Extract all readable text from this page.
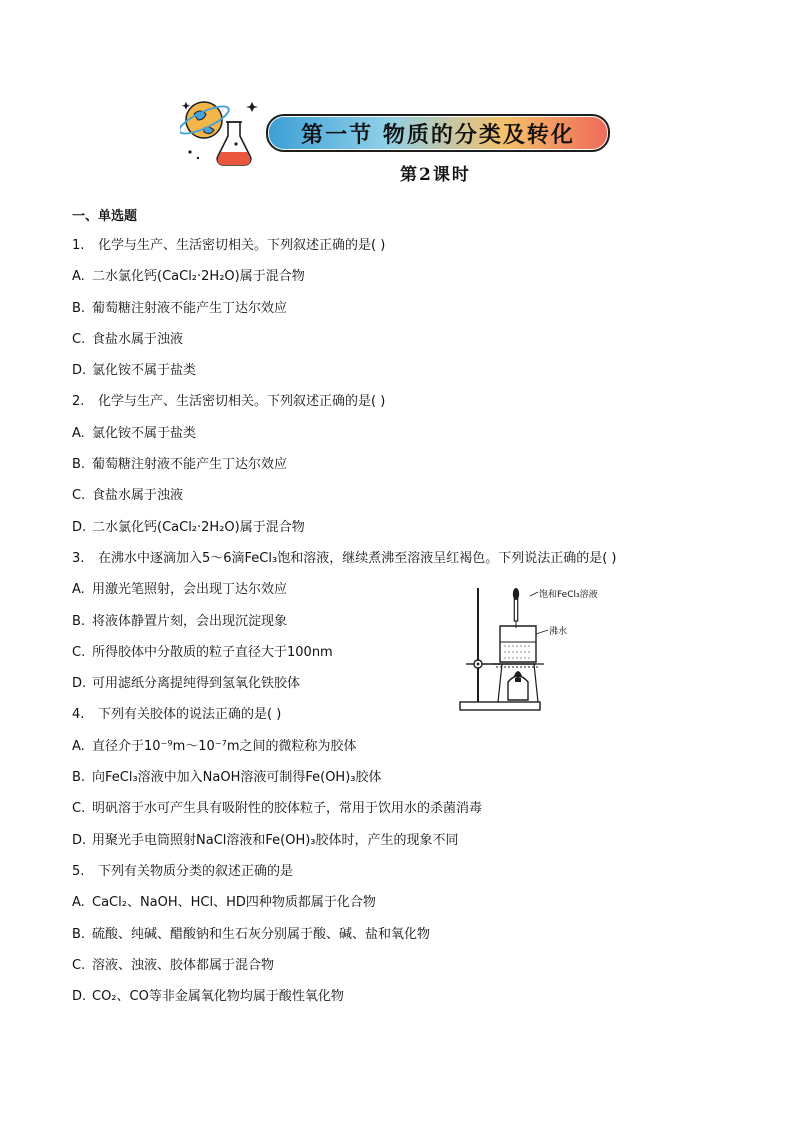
第一节 物质的分类及转化
第2课时
一、单选题
1. 化学与生产、生活密切相关。下列叙述正确的是( )
A. 二水氯化钙(CaCl₂·2H₂O)属于混合物
B. 葡萄糖注射液不能产生丁达尔效应
C. 食盐水属于浊液
D. 氯化铵不属于盐类
2. 化学与生产、生活密切相关。下列叙述正确的是( )
A. 氯化铵不属于盐类
B. 葡萄糖注射液不能产生丁达尔效应
C. 食盐水属于浊液
D. 二水氯化钙(CaCl₂·2H₂O)属于混合物
3. 在沸水中逐滴加入5～6滴FeCl₃饱和溶液，继续煮沸至溶液呈红褐色。下列说法正确的是( )
A. 用激光笔照射，会出现丁达尔效应
B. 将液体静置片刻，会出现沉淀现象
C. 所得胶体中分散质的粒子直径大于100nm
D. 可用滤纸分离提纯得到氢氧化铁胶体
4. 下列有关胶体的说法正确的是( )
A. 直径介于10⁻⁹m～10⁻⁷m之间的微粒称为胶体
B. 向FeCl₃溶液中加入NaOH溶液可制得Fe(OH)₃胶体
C. 明矾溶于水可产生具有吸附性的胶体粒子，常用于饮用水的杀菌消毒
D. 用聚光手电筒照射NaCl溶液和Fe(OH)₃胶体时，产生的现象不同
5. 下列有关物质分类的叙述正确的是
A. CaCl₂、NaOH、HCl、HD四种物质都属于化合物
B. 硫酸、纯碱、醋酸钠和生石灰分别属于酸、碱、盐和氧化物
C. 溶液、浊液、胶体都属于混合物
D. CO₂、CO等非金属氧化物均属于酸性氧化物
饱和FeCl₃溶液
沸水
